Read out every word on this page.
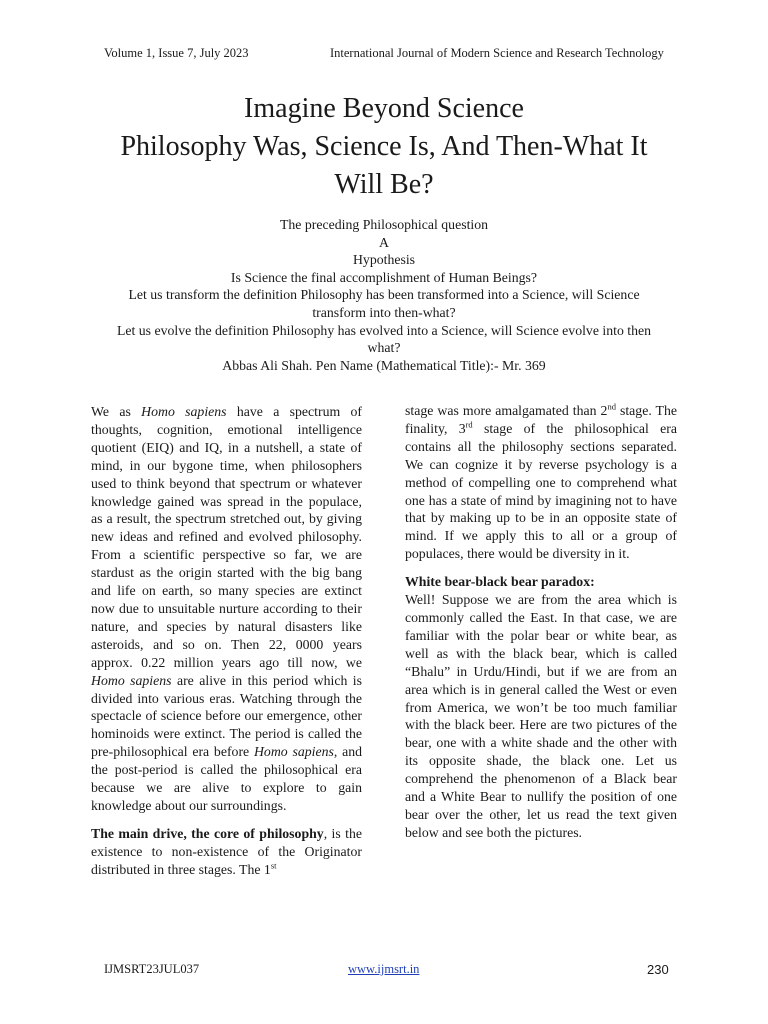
Volume 1, Issue 7, July 2023	International Journal of Modern Science and Research Technology
Imagine Beyond Science
Philosophy Was, Science Is, And Then-What It
Will Be?
The preceding Philosophical question
A
Hypothesis
Is Science the final accomplishment of Human Beings?
Let us transform the definition Philosophy has been transformed into a Science, will Science
transform into then-what?
Let us evolve the definition Philosophy has evolved into a Science, will Science evolve into then
what?
Abbas Ali Shah. Pen Name (Mathematical Title):- Mr. 369

We as Homo sapiens have a spectrum of thoughts, cognition, emotional intelligence quotient (EIQ) and IQ, in a nutshell, a state of mind, in our bygone time, when philosophers used to think beyond that spectrum or whatever knowledge gained was spread in the populace, as a result, the spectrum stretched out, by giving new ideas and refined and evolved philosophy. From a scientific perspective so far, we are stardust as the origin started with the big bang and life on earth, so many species are extinct now due to unsuitable nurture according to their nature, and species by natural disasters like asteroids, and so on. Then 22, 0000 years approx. 0.22 million years ago till now, we Homo sapiens are alive in this period which is divided into various eras. Watching through the spectacle of science before our emergence, other hominoids were extinct. The period is called the pre-philosophical era before Homo sapiens, and the post-period is called the philosophical era because we are alive to explore to gain knowledge about our surroundings.

The main drive, the core of philosophy, is the existence to non-existence of the Originator distributed in three stages. The 1st

stage was more amalgamated than 2nd stage. The finality, 3rd stage of the philosophical era contains all the philosophy sections separated. We can cognize it by reverse psychology is a method of compelling one to comprehend what one has a state of mind by imagining not to have that by making up to be in an opposite state of mind. If we apply this to all or a group of populaces, there would be diversity in it.

White bear-black bear paradox:

Well! Suppose we are from the area which is commonly called the East. In that case, we are familiar with the polar bear or white bear, as well as with the black bear, which is called “Bhalu” in Urdu/Hindi, but if we are from an area which is in general called the West or even from America, we won’t be too much familiar with the black beer. Here are two pictures of the bear, one with a white shade and the other with its opposite shade, the black one. Let us comprehend the phenomenon of a Black bear and a White Bear to nullify the position of one bear over the other, let us read the text given below and see both the pictures.

IJMSRT23JUL037	www.ijmsrt.in	230
